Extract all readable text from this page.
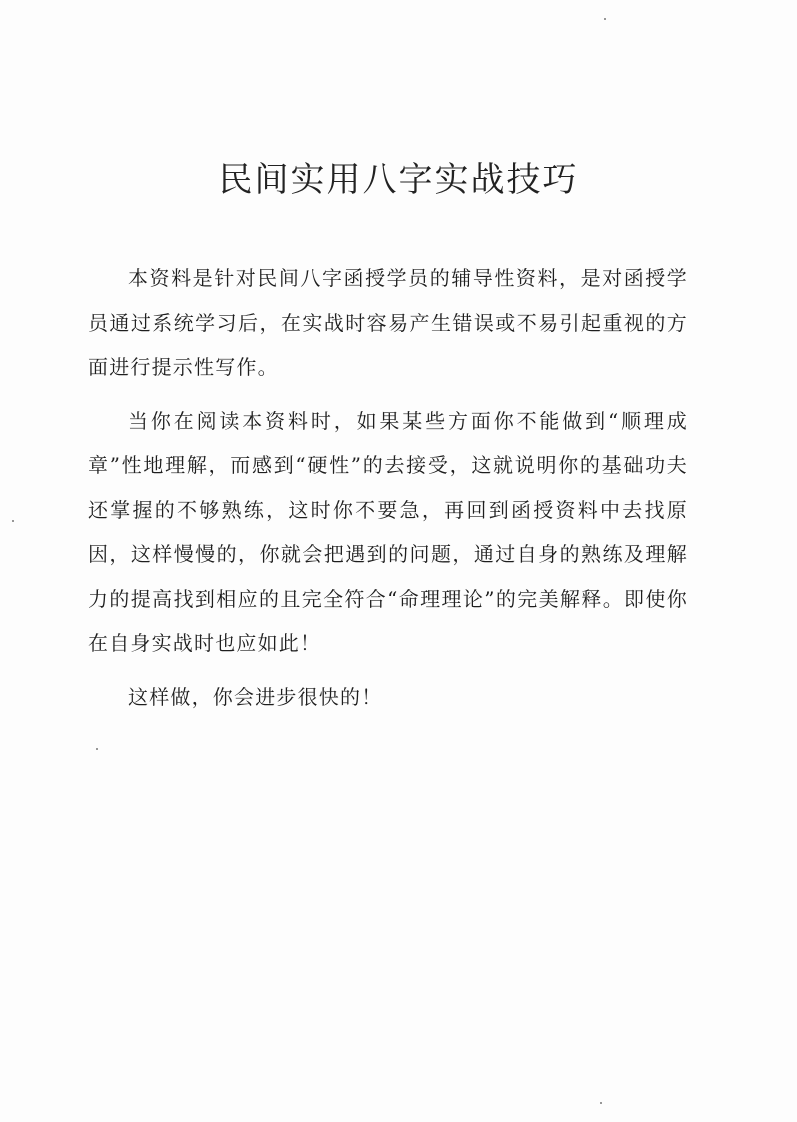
民间实用八字实战技巧

本资料是针对民间八字函授学员的辅导性资料，是对函授学员通过系统学习后，在实战时容易产生错误或不易引起重视的方面进行提示性写作。

当你在阅读本资料时，如果某些方面你不能做到“顺理成章”性地理解，而感到“硬性”的去接受，这就说明你的基础功夫还掌握的不够熟练，这时你不要急，再回到函授资料中去找原因，这样慢慢的，你就会把遇到的问题，通过自身的熟练及理解力的提高找到相应的且完全符合“命理理论”的完美解释。即使你在自身实战时也应如此！

这样做，你会进步很快的！
